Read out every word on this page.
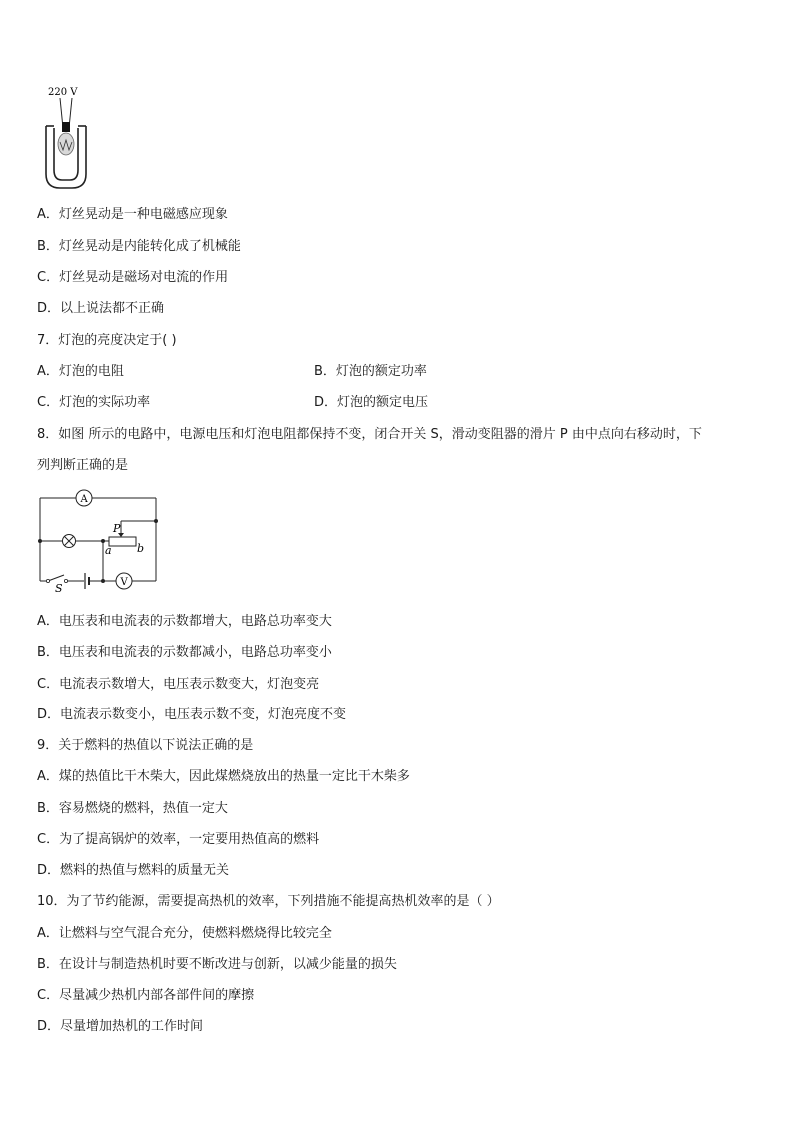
220 V
A．灯丝晃动是一种电磁感应现象
B．灯丝晃动是内能转化成了机械能
C．灯丝晃动是磁场对电流的作用
D．以上说法都不正确
7．灯泡的亮度决定于( )
A．灯泡的电阻	B．灯泡的额定功率
C．灯泡的实际功率	D．灯泡的额定电压
8．如图 所示的电路中，电源电压和灯泡电阻都保持不变，闭合开关 S，滑动变阻器的滑片 P 由中点向右移动时，下
列判断正确的是
A
V
P
a b
S
A．电压表和电流表的示数都增大，电路总功率变大
B．电压表和电流表的示数都减小，电路总功率变小
C．电流表示数增大，电压表示数变大，灯泡变亮
D．电流表示数变小，电压表示数不变，灯泡亮度不变
9．关于燃料的热值以下说法正确的是
A．煤的热值比干木柴大，因此煤燃烧放出的热量一定比干木柴多
B．容易燃烧的燃料，热值一定大
C．为了提高锅炉的效率，一定要用热值高的燃料
D．燃料的热值与燃料的质量无关
10．为了节约能源，需要提高热机的效率，下列措施不能提高热机效率的是（ ）
A．让燃料与空气混合充分，使燃料燃烧得比较完全
B．在设计与制造热机时要不断改进与创新，以减少能量的损失
C．尽量减少热机内部各部件间的摩擦
D．尽量增加热机的工作时间
